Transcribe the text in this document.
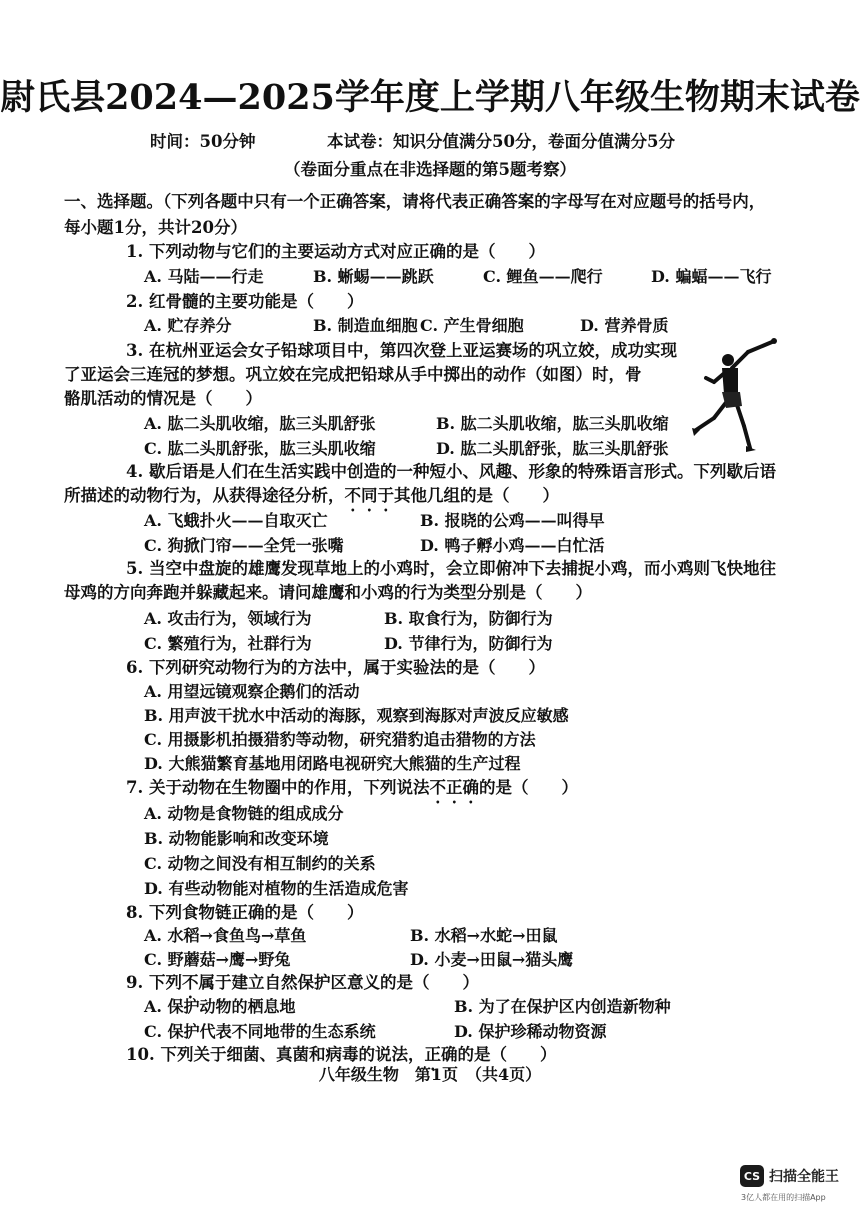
尉氏县2024—2025学年度上学期八年级生物期末试卷
时间：50分钟	本试卷：知识分值满分50分，卷面分值满分5分
（卷面分重点在非选择题的第5题考察）
一、选择题。（下列各题中只有一个正确答案，请将代表正确答案的字母写在对应题号的括号内，
每小题1分，共计20分）
1. 下列动物与它们的主要运动方式对应正确的是（　　）
A. 马陆——行走	B. 蜥蜴——跳跃	C. 鲤鱼——爬行	D. 蝙蝠——飞行
2. 红骨髓的主要功能是（　　）
A. 贮存养分	B. 制造血细胞 C. 产生骨细胞	D. 营养骨质
3. 在杭州亚运会女子铅球项目中，第四次登上亚运赛场的巩立姣，成功实现
了亚运会三连冠的梦想。巩立姣在完成把铅球从手中掷出的动作（如图）时，骨
骼肌活动的情况是（　　）
A. 肱二头肌收缩，肱三头肌舒张	B. 肱二头肌收缩，肱三头肌收缩
C. 肱二头肌舒张，肱三头肌收缩	D. 肱二头肌舒张，肱三头肌舒张
4. 歇后语是人们在生活实践中创造的一种短小、风趣、形象的特殊语言形式。下列歇后语
所描述的动物行为，从获得途径分析，不同于其他几组的是（　　）
A. 飞蛾扑火——自取灭亡	B. 报晓的公鸡——叫得早
C. 狗掀门帘——全凭一张嘴	D. 鸭子孵小鸡——白忙活
5. 当空中盘旋的雄鹰发现草地上的小鸡时，会立即俯冲下去捕捉小鸡，而小鸡则飞快地往
母鸡的方向奔跑并躲藏起来。请问雄鹰和小鸡的行为类型分别是（　　）
A. 攻击行为，领域行为	B. 取食行为，防御行为
C. 繁殖行为，社群行为	D. 节律行为，防御行为
6. 下列研究动物行为的方法中，属于实验法的是（　　）
A. 用望远镜观察企鹅们的活动
B. 用声波干扰水中活动的海豚，观察到海豚对声波反应敏感
C. 用摄影机拍摄猎豹等动物，研究猎豹追击猎物的方法
D. 大熊猫繁育基地用闭路电视研究大熊猫的生产过程
7. 关于动物在生物圈中的作用，下列说法不正确的是（　　）
A. 动物是食物链的组成成分
B. 动物能影响和改变环境
C. 动物之间没有相互制约的关系
D. 有些动物能对植物的生活造成危害
8. 下列食物链正确的是（　　）
A. 水稻→食鱼鸟→草鱼	B. 水稻→水蛇→田鼠
C. 野蘑菇→鹰→野兔	D. 小麦→田鼠→猫头鹰
9. 下列不属于建立自然保护区意义的是（　　）
A. 保护动物的栖息地	B. 为了在保护区内创造新物种
C. 保护代表不同地带的生态系统	D. 保护珍稀动物资源
10. 下列关于细菌、真菌和病毒的说法，正确的是（　　）
八年级生物　第1页　（共4页）
CS 扫描全能王
3亿人都在用的扫描App
